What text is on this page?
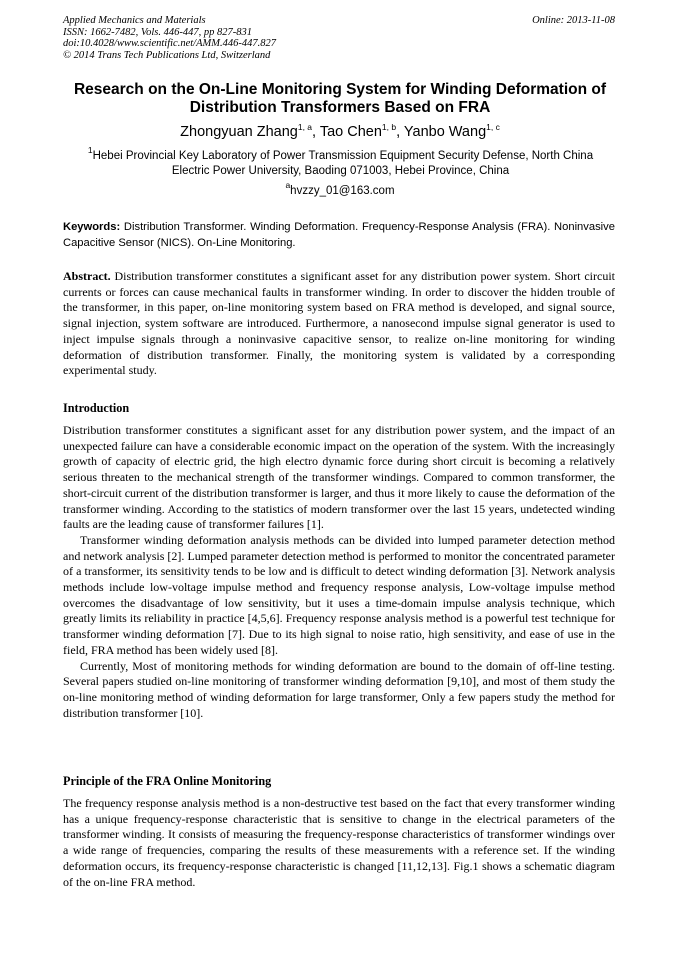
Applied Mechanics and Materials
ISSN: 1662-7482, Vols. 446-447, pp 827-831
doi:10.4028/www.scientific.net/AMM.446-447.827
© 2014 Trans Tech Publications Ltd, Switzerland
Online: 2013-11-08
Research on the On-Line Monitoring System for Winding Deformation of
Distribution Transformers Based on FRA
Zhongyuan Zhang$^{1, a}$, Tao Chen$^{1, b}$, Yanbo Wang$^{1, c}$
$^1$Hebei Provincial Key Laboratory of Power Transmission Equipment Security Defense, North China
Electric Power University, Baoding 071003, Hebei Province, China
$^a$hvzzy_01@163.com
Keywords: Distribution Transformer. Winding Deformation. Frequency-Response Analysis (FRA). Noninvasive Capacitive Sensor (NICS). On-Line Monitoring.

Abstract. Distribution transformer constitutes a significant asset for any distribution power system. Short circuit currents or forces can cause mechanical faults in transformer winding. In order to discover the hidden trouble of the transformer, in this paper, on-line monitoring system based on FRA method is developed, and signal source, signal injection, system software are introduced. Furthermore, a nanosecond impulse signal generator is used to inject impulse signals through a noninvasive capacitive sensor, to realize on-line monitoring for winding deformation of distribution transformer. Finally, the monitoring system is validated by a corresponding experimental study.

Introduction

Distribution transformer constitutes a significant asset for any distribution power system, and the impact of an unexpected failure can have a considerable economic impact on the operation of the system. With the increasingly growth of capacity of electric grid, the high electro dynamic force during short circuit is becoming a relatively serious threaten to the mechanical strength of the transformer windings. Compared to common transformer, the short-circuit current of the distribution transformer is larger, and thus it more likely to cause the deformation of the transformer winding. According to the statistics of modern transformer over the last 15 years, undetected winding faults are the leading cause of transformer failures [1].

Transformer winding deformation analysis methods can be divided into lumped parameter detection method and network analysis [2]. Lumped parameter detection method is performed to monitor the concentrated parameter of a transformer, its sensitivity tends to be low and is difficult to detect winding deformation [3]. Network analysis methods include low-voltage impulse method and frequency response analysis, Low-voltage impulse method overcomes the disadvantage of low sensitivity, but it uses a time-domain impulse analysis technique, which greatly limits its reliability in practice [4,5,6]. Frequency response analysis method is a powerful test technique for transformer winding deformation [7]. Due to its high signal to noise ratio, high sensitivity, and ease of use in the field, FRA method has been widely used [8].

Currently, Most of monitoring methods for winding deformation are bound to the domain of off-line testing. Several papers studied on-line monitoring of transformer winding deformation [9,10], and most of them study the on-line monitoring method of winding deformation for large transformer, Only a few papers study the method for distribution transformer [10].

Principle of the FRA Online Monitoring

The frequency response analysis method is a non-destructive test based on the fact that every transformer winding has a unique frequency-response characteristic that is sensitive to change in the electrical parameters of the transformer winding. It consists of measuring the frequency-response characteristics of transformer windings over a wide range of frequencies, comparing the results of these measurements with a reference set. If the winding deformation occurs, its frequency-response characteristic is changed [11,12,13]. Fig.1 shows a schematic diagram of the on-line FRA method.
